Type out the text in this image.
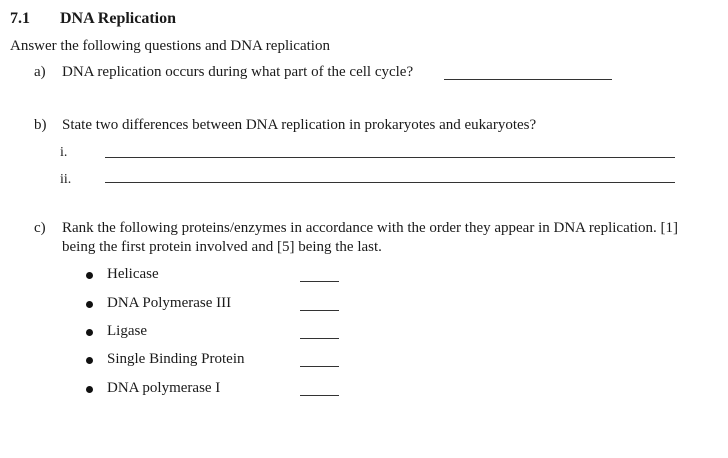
7.1 DNA Replication
Answer the following questions and DNA replication
a) DNA replication occurs during what part of the cell cycle?
b) State two differences between DNA replication in prokaryotes and eukaryotes?
i.
ii.
c) Rank the following proteins/enzymes in accordance with the order they appear in DNA replication. [1]
being the first protein involved and [5] being the last.
Helicase
DNA Polymerase III
Ligase
Single Binding Protein
DNA polymerase I
